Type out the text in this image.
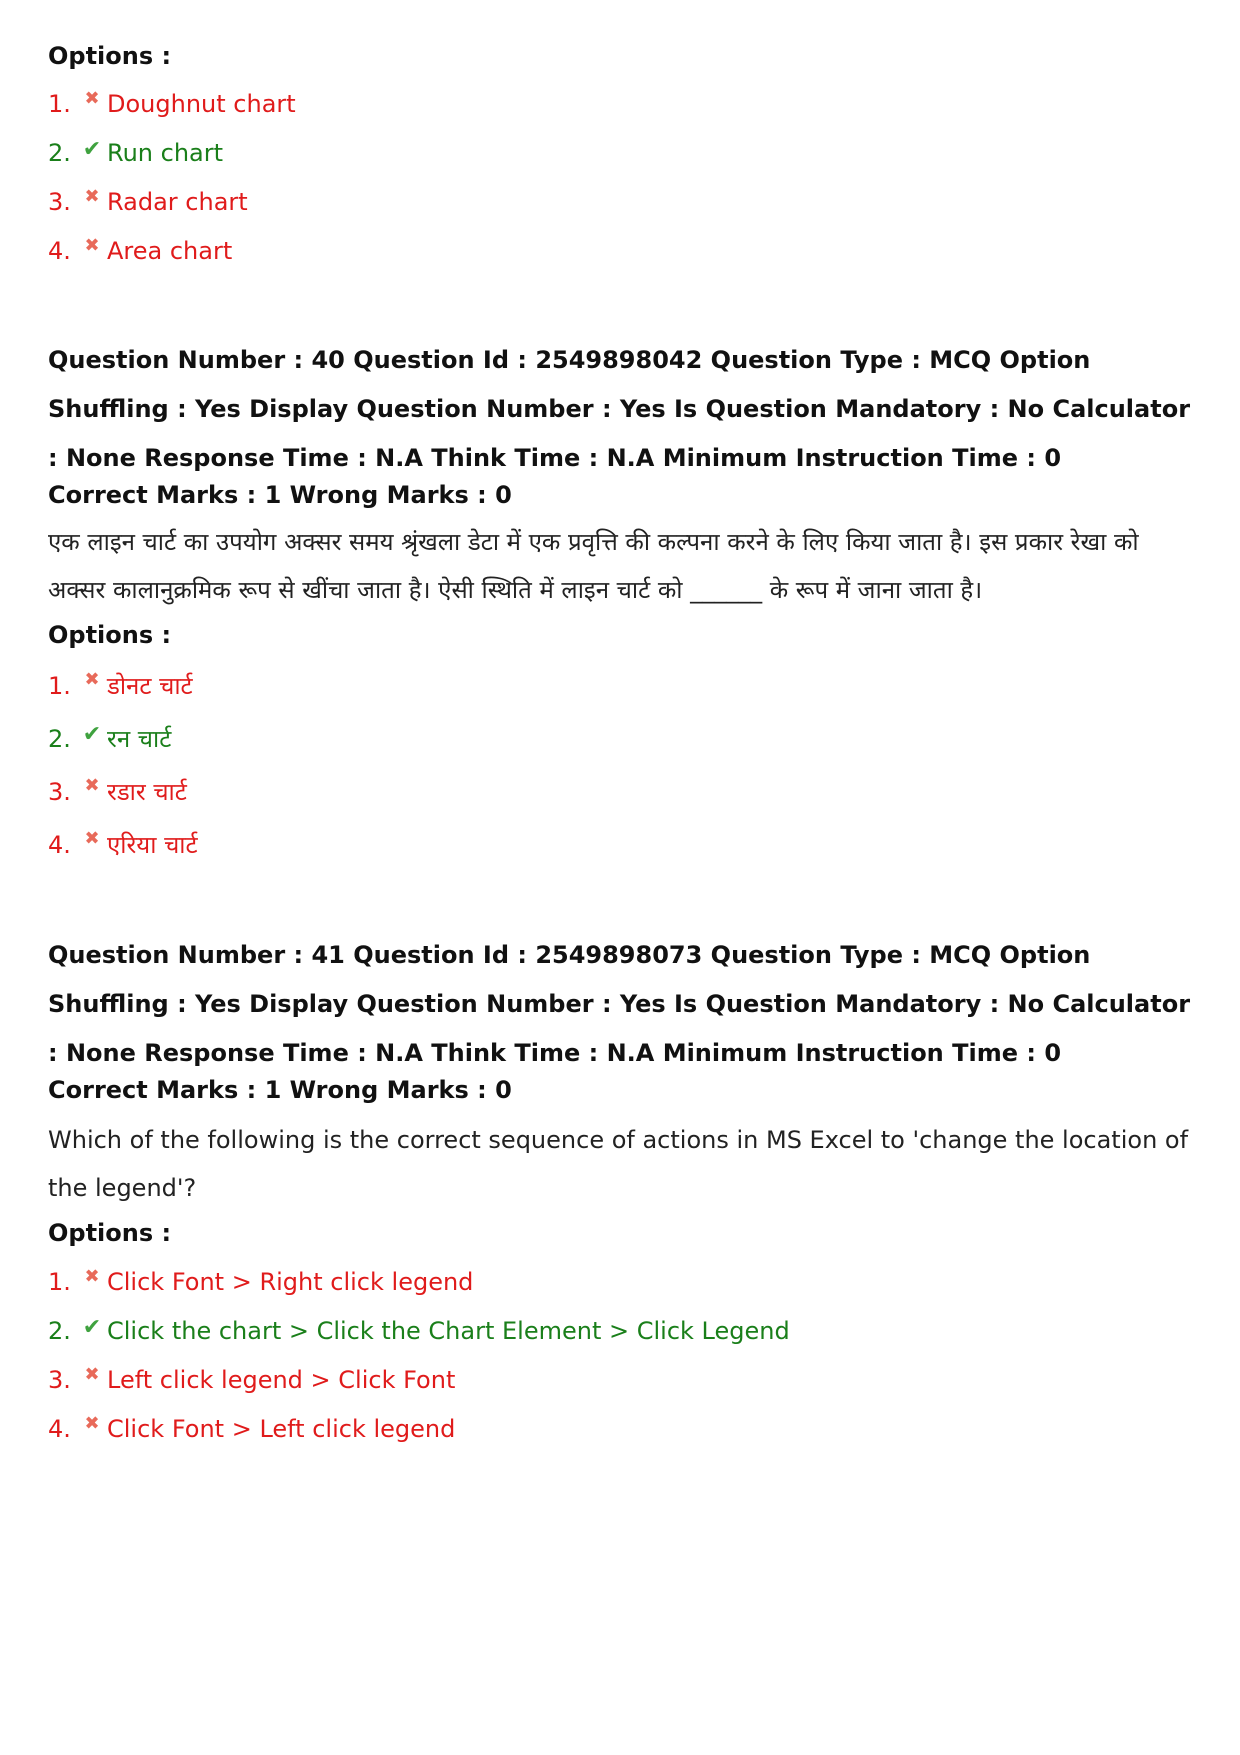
Options :
1. ✖ Doughnut chart
2. ✔ Run chart
3. ✖ Radar chart
4. ✖ Area chart
Question Number : 40 Question Id : 2549898042 Question Type : MCQ Option Shuffling : Yes Display Question Number : Yes Is Question Mandatory : No Calculator : None Response Time : N.A Think Time : N.A Minimum Instruction Time : 0
Correct Marks : 1 Wrong Marks : 0
एक लाइन चार्ट का उपयोग अक्सर समय श्रृंखला डेटा में एक प्रवृत्ति की कल्पना करने के लिए किया जाता है। इस प्रकार रेखा को अक्सर कालानुक्रमिक रूप से खींचा जाता है। ऐसी स्थिति में लाइन चार्ट को ______ के रूप में जाना जाता है।
Options :
1. ✖ डोनट चार्ट
2. ✔ रन चार्ट
3. ✖ रडार चार्ट
4. ✖ एरिया चार्ट
Question Number : 41 Question Id : 2549898073 Question Type : MCQ Option Shuffling : Yes Display Question Number : Yes Is Question Mandatory : No Calculator : None Response Time : N.A Think Time : N.A Minimum Instruction Time : 0
Correct Marks : 1 Wrong Marks : 0
Which of the following is the correct sequence of actions in MS Excel to 'change the location of the legend'?
Options :
1. ✖ Click Font > Right click legend
2. ✔ Click the chart > Click the Chart Element > Click Legend
3. ✖ Left click legend > Click Font
4. ✖ Click Font > Left click legend
